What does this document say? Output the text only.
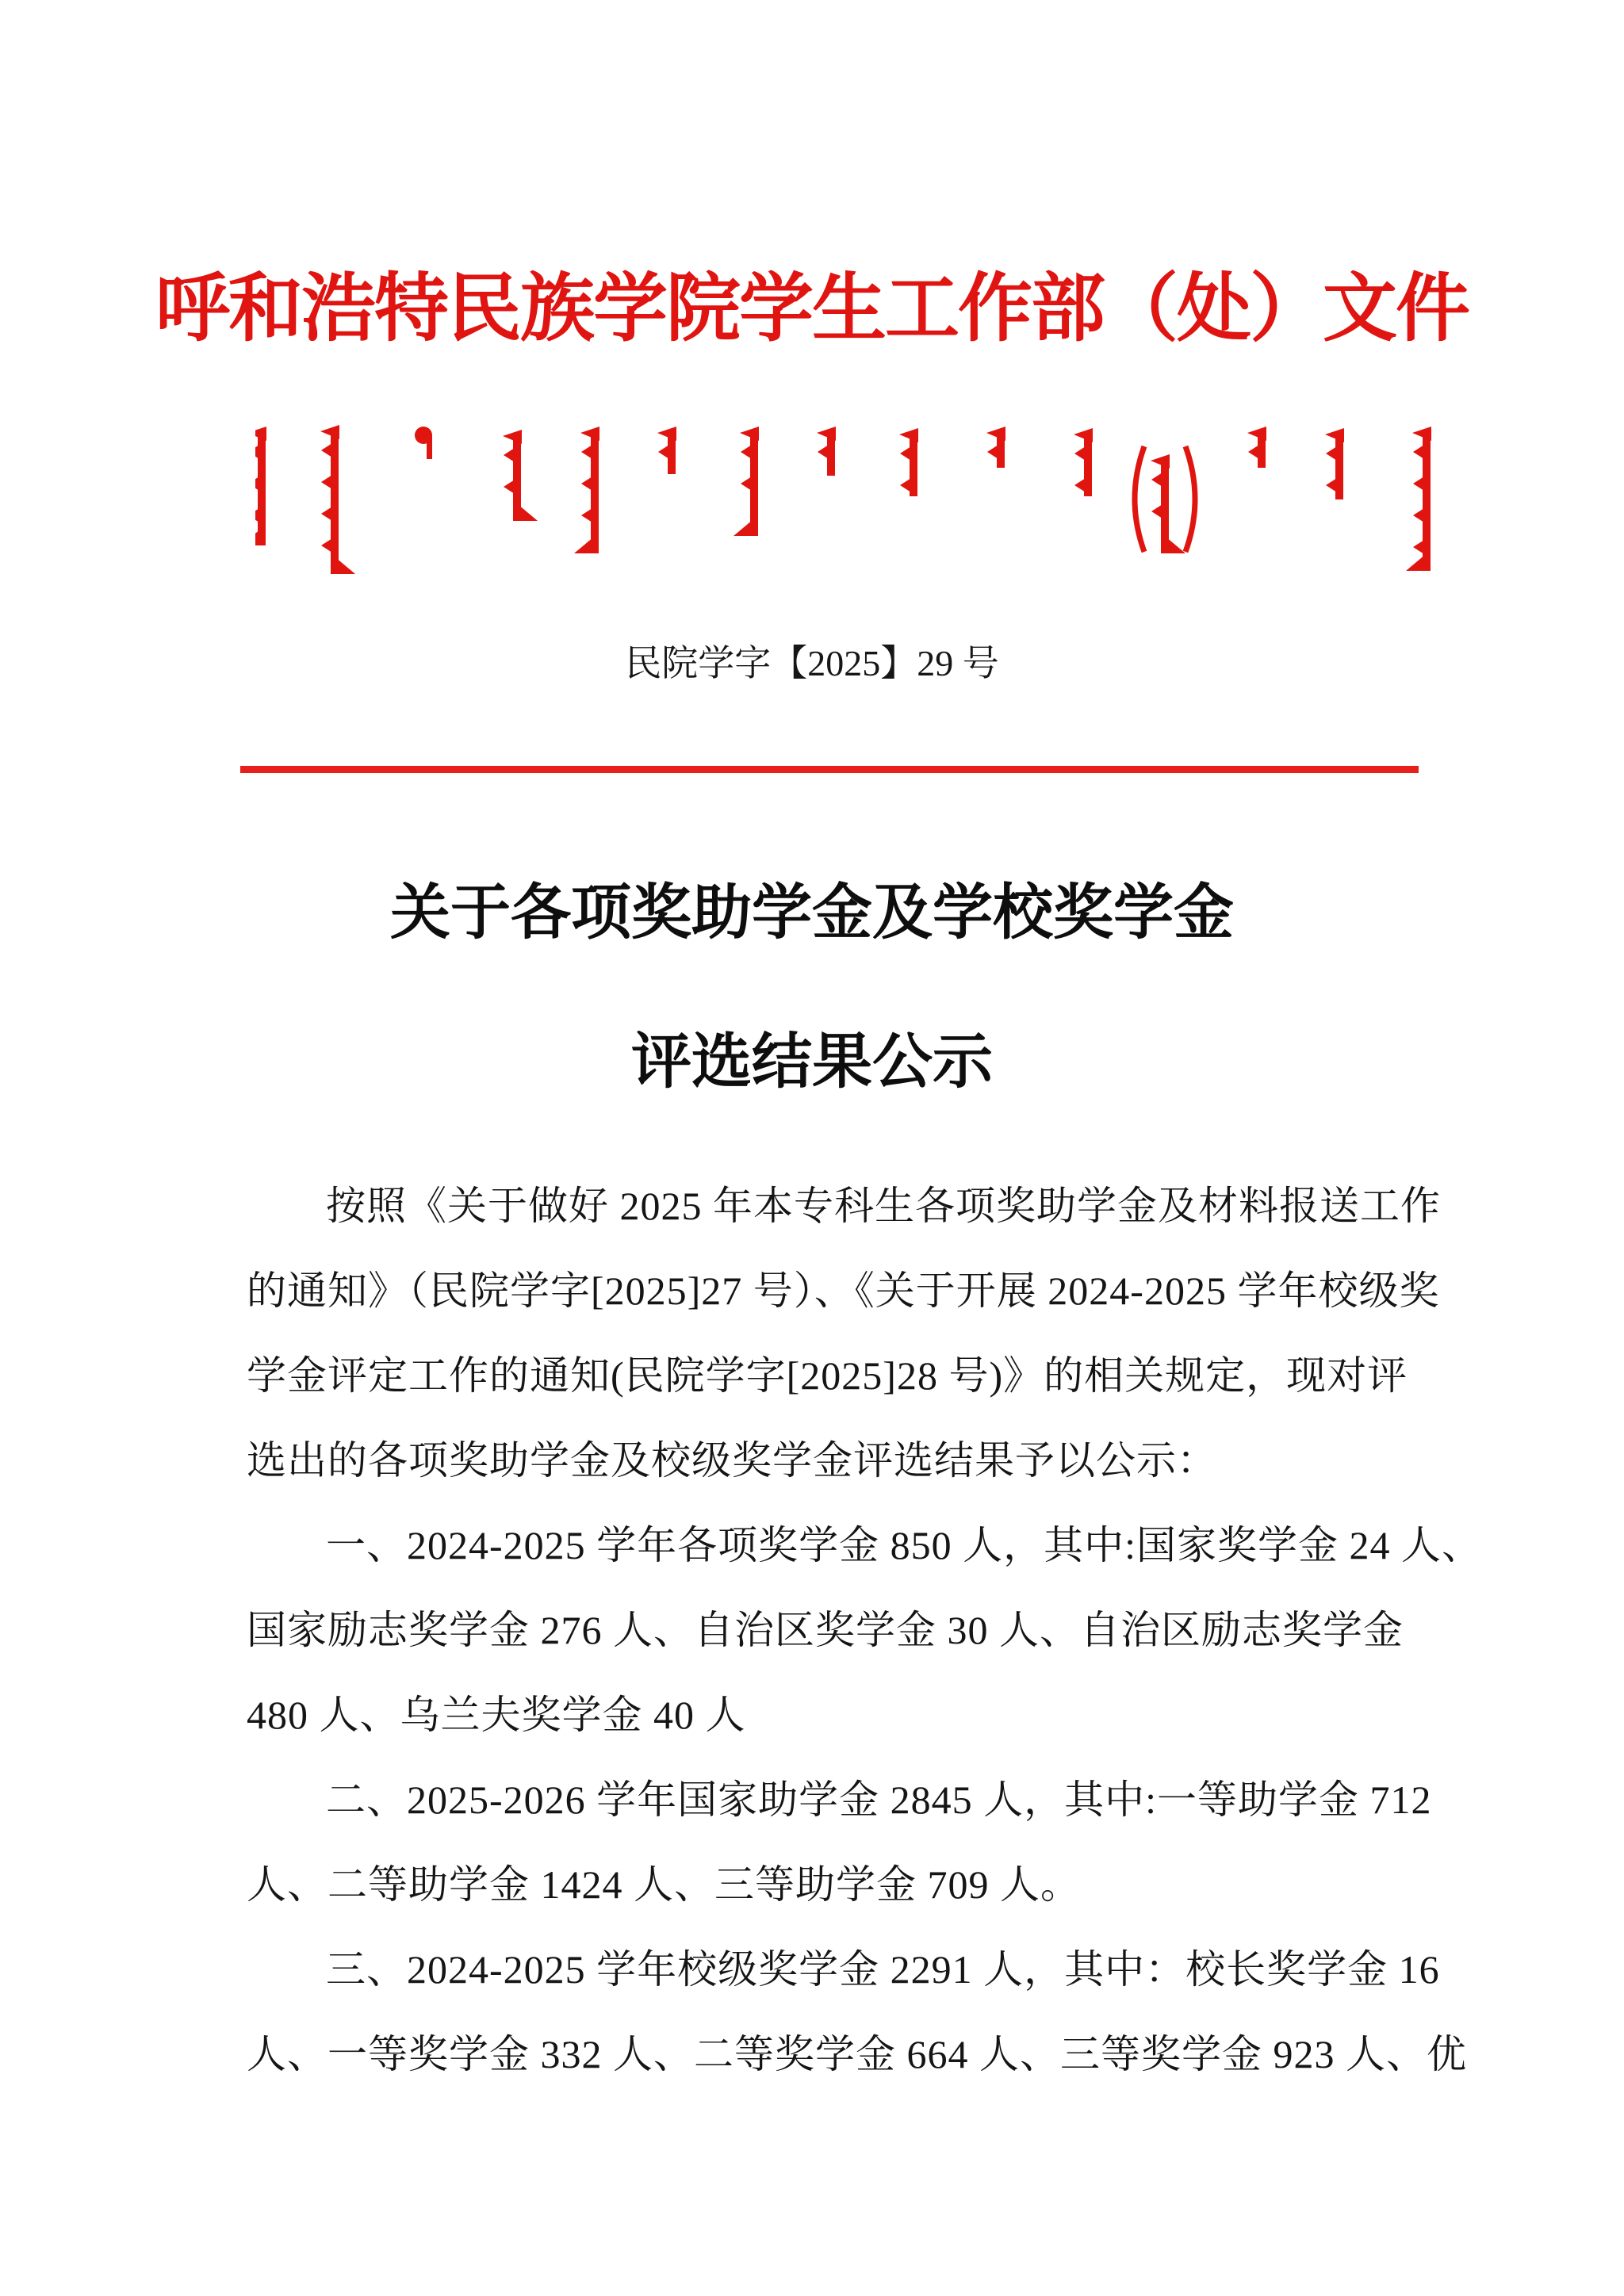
呼和浩特民族学院学生工作部（处）文件
民院学字【2025】29 号
关于各项奖助学金及学校奖学金
评选结果公示
按照《关于做好 2025 年本专科生各项奖助学金及材料报送工作
的通知》（民院学字[2025]27 号）、《关于开展 2024-2025 学年校级奖
学金评定工作的通知(民院学字[2025]28 号)》的相关规定，现对评
选出的各项奖助学金及校级奖学金评选结果予以公示：
一、2024-2025 学年各项奖学金 850 人，其中:国家奖学金 24 人、
国家励志奖学金 276 人、自治区奖学金 30 人、自治区励志奖学金
480 人、乌兰夫奖学金 40 人
二、2025-2026 学年国家助学金 2845 人，其中:一等助学金 712
人、二等助学金 1424 人、三等助学金 709 人。
三、2024-2025 学年校级奖学金 2291 人，其中：校长奖学金 16
人、一等奖学金 332 人、二等奖学金 664 人、三等奖学金 923 人、优
